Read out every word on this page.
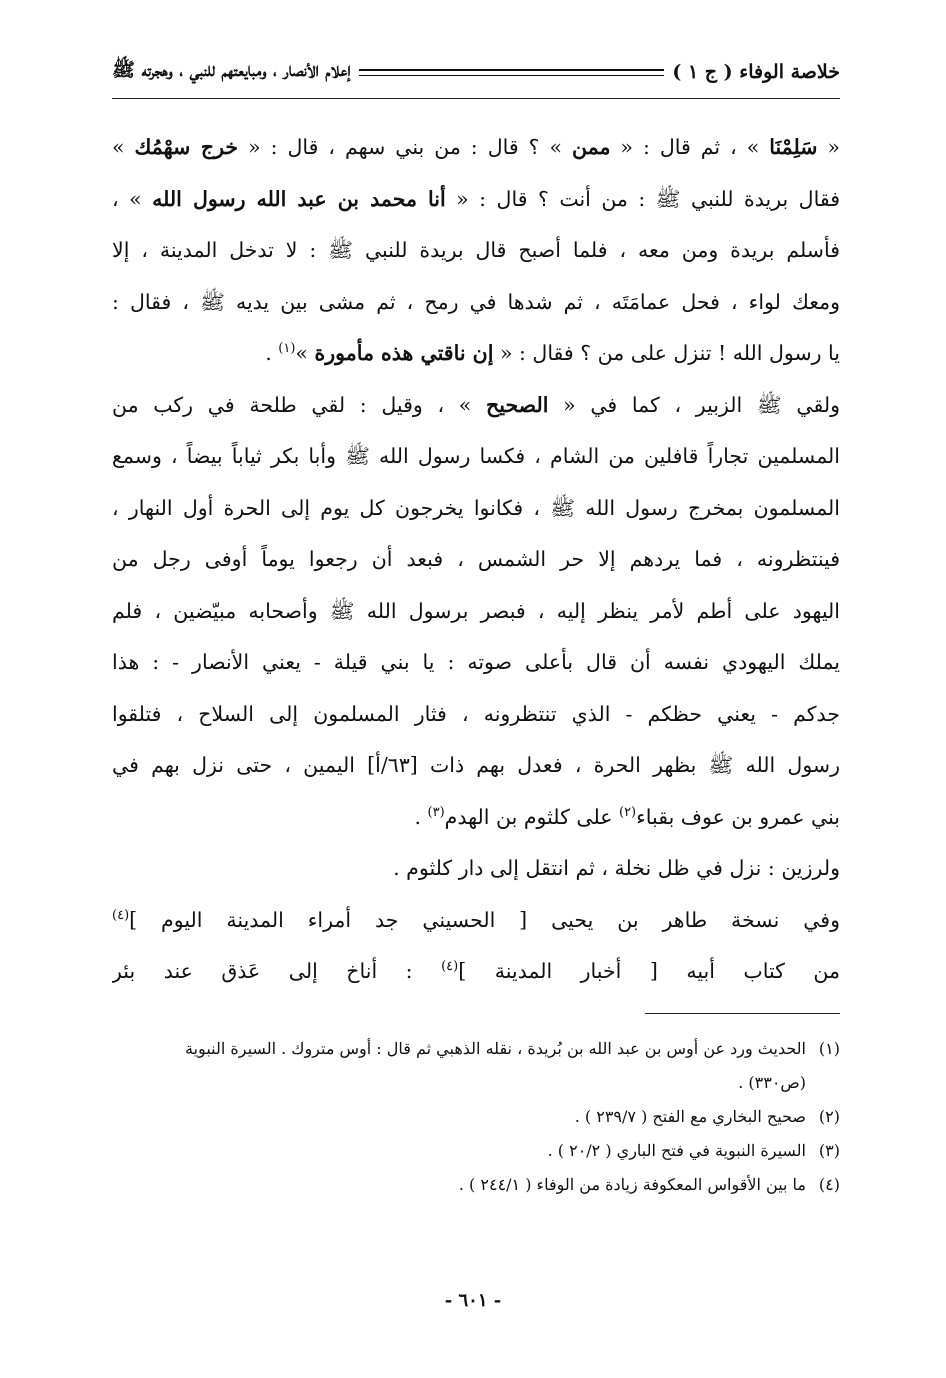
خلاصة الوفاء ( ج ١ )
إعلام الأنصار ، ومبايعتهم للنبي ، وهجرته ﷺ
« سَلِمْنَا » ، ثم قال : « ممن » ؟ قال : من بني سهم ، قال : « خرج سهْمُك »
فقال بريدة للنبي ﷺ : من أنت ؟ قال : « أنا محمد بن عبد الله رسول الله » ،
فأسلم بريدة ومن معه ، فلما أصبح قال بريدة للنبي ﷺ : لا تدخل المدينة ، إلا
ومعك لواء ، فحل عمامَتَه ، ثم شدها في رمح ، ثم مشى بين يديه ﷺ ، فقال :
يا رسول الله ! تنزل على من ؟ فقال : « إن ناقتي هذه مأمورة »$^{(١)}$ .
ولقي ﷺ الزبير ، كما في « الصحيح » ، وقيل : لقي طلحة في ركب من
المسلمين تجاراً قافلين من الشام ، فكسا رسول الله ﷺ وأبا بكر ثياباً بيضاً ، وسمع
المسلمون بمخرج رسول الله ﷺ ، فكانوا يخرجون كل يوم إلى الحرة أول النهار ،
فينتظرونه ، فما يردهم إلا حر الشمس ، فبعد أن رجعوا يوماً أوفى رجل من
اليهود على أطم لأمر ينظر إليه ، فبصر برسول الله ﷺ وأصحابه مبيّضين ، فلم
يملك اليهودي نفسه أن قال بأعلى صوته : يا بني قيلة - يعني الأنصار - : هذا
جدكم - يعني حظكم - الذي تنتظرونه ، فثار المسلمون إلى السلاح ، فتلقوا
رسول الله ﷺ بظهر الحرة ، فعدل بهم ذات [٦٣/أ] اليمين ، حتى نزل بهم في
بني عمرو بن عوف بقباء$^{(٢)}$ على كلثوم بن الهدم$^{(٣)}$ .
ولرزين : نزل في ظل نخلة ، ثم انتقل إلى دار كلثوم .
وفي نسخة طاهر بن يحيى [ الحسيني جد أمراء المدينة اليوم ]$^{(٤)}$
من كتاب أبيه [ أخبار المدينة ]$^{(٤)}$ : أناخ إلى عَذق عند بئر
(١)الحديث ورد عن أوس بن عبد الله بن بُريدة ، نقله الذهبي ثم قال : أوس متروك . السيرة النبوية
(ص٣٣٠) .
(٢)صحيح البخاري مع الفتح ( ٢٣٩/٧ ) .
(٣)السيرة النبوية في فتح الباري ( ٢٠/٢ ) .
(٤)ما بين الأقواس المعكوفة زيادة من الوفاء ( ٢٤٤/١ ) .
- ٦٠١ -
